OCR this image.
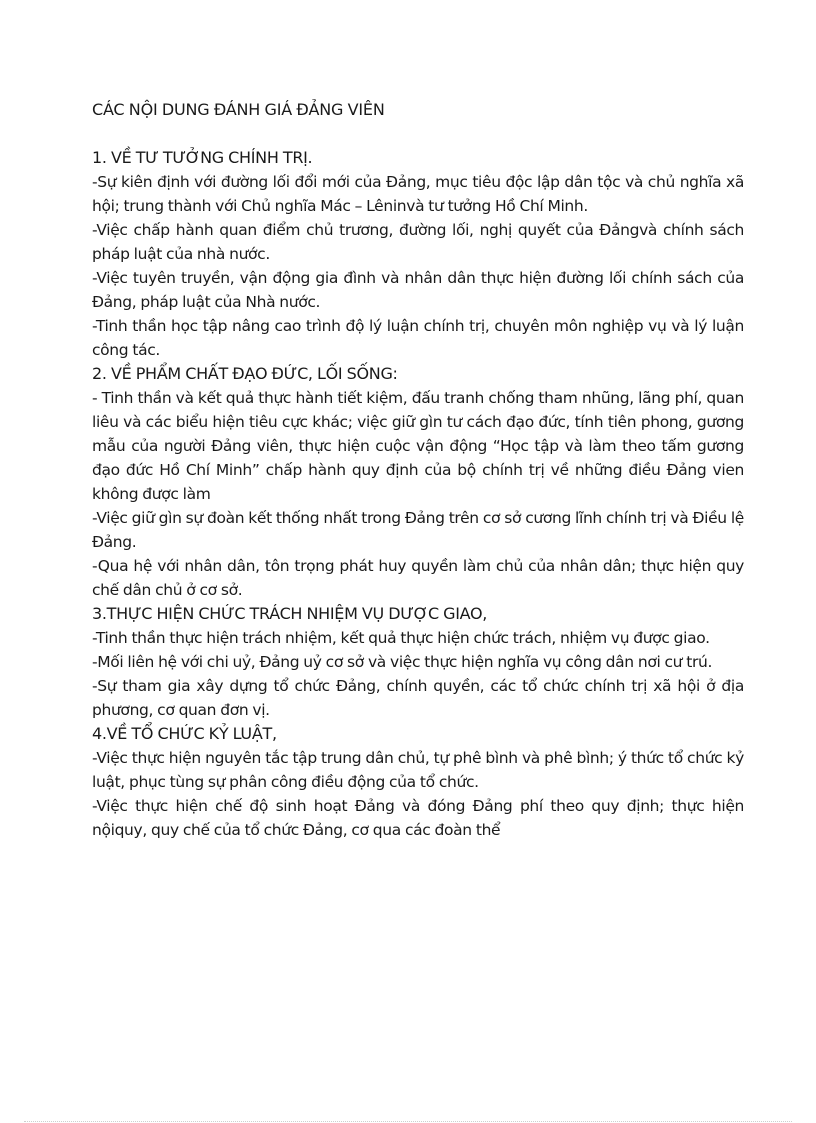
CÁC NỘI DUNG ĐÁNH GIÁ ĐẢNG VIÊN
1. VỀ TƯ TƯỞNG CHÍNH TRỊ.

-Sự kiên định với đường lối đổi mới của Đảng, mục tiêu độc lập dân tộc và chủ nghĩa xã hội; trung thành với Chủ nghĩa Mác – Lêninvà tư tưởng Hồ Chí Minh.

-Việc chấp hành quan điểm chủ trương, đường lối, nghị quyết của Đảngvà chính sách pháp luật của nhà nước.

-Việc tuyên truyền, vận động gia đình và nhân dân thực hiện đường lối chính sách của Đảng, pháp luật của Nhà nước.

-Tinh thần học tập nâng cao trình độ lý luận chính trị, chuyên môn nghiệp vụ và lý luận công tác.

2. VỀ PHẨM CHẤT ĐẠO ĐỨC, LỐI SỐNG:

- Tinh thần và kết quả thực hành tiết kiệm, đấu tranh chống tham nhũng, lãng phí, quan liêu và các biểu hiện tiêu cực khác; việc giữ gìn tư cách đạo đức, tính tiên phong, gương mẫu của người Đảng viên, thực hiện cuộc vận động “Học tập và làm theo tấm gương đạo đức Hồ Chí Minh” chấp hành quy định của bộ chính trị về những điều Đảng vien không được làm

-Việc giữ gìn sự đoàn kết thống nhất trong Đảng trên cơ sở cương lĩnh chính trị và Điều lệ Đảng.

-Qua hệ với nhân dân, tôn trọng phát huy quyền làm chủ của nhân dân; thực hiện quy chế dân chủ ở cơ sở.

3.THỰC HIỆN CHỨC TRÁCH NHIỆM VỤ DƯỢC GIAO,

-Tinh thần thực hiện trách nhiệm, kết quả thực hiện chức trách, nhiệm vụ được giao.

-Mối liên hệ với chi uỷ, Đảng uỷ cơ sở và việc thực hiện nghĩa vụ công dân nơi cư trú.

-Sự tham gia xây dựng tổ chức Đảng, chính quyền, các tổ chức chính trị xã hội ở địa phương, cơ quan đơn vị.

4.VỀ TỔ CHỨC KỶ LUẬT,

-Việc thực hiện nguyên tắc tập trung dân chủ, tự phê bình và phê bình; ý thức tổ chức kỷ luật, phục tùng sự phân công điều động của tổ chức.

-Việc thực hiện chế độ sinh hoạt Đảng và đóng Đảng phí theo quy định; thực hiện nộiquy, quy chế của tổ chức Đảng, cơ qua các đoàn thể
